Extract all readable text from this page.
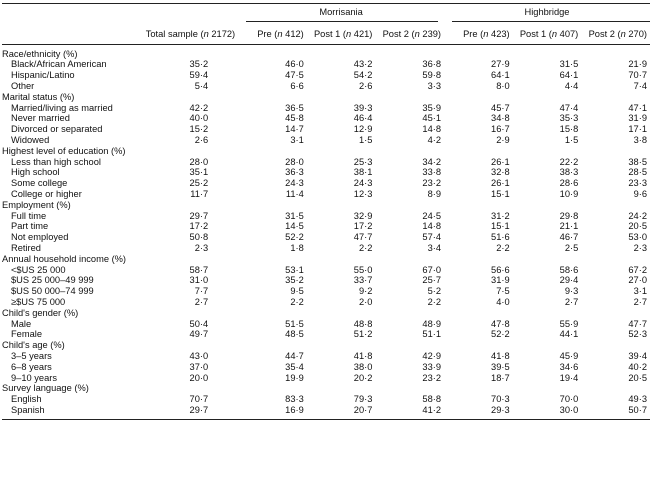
		Morrisania			Highbridge		

	Total sample (n 2172)	Pre (n 412)	Post 1 (n 421)	Post 2 (n 239)	Pre (n 423)	Post 1 (n 407)	Post 2 (n 270)
Race/ethnicity (%)							
Black/African American	35·2	46·0	43·2	36·8	27·9	31·5	21·9
Hispanic/Latino	59·4	47·5	54·2	59·8	64·1	64·1	70·7
Other	5·4	6·6	2·6	3·3	8·0	4·4	7·4
Marital status (%)							
Married/living as married	42·2	36·5	39·3	35·9	45·7	47·4	47·1
Never married	40·0	45·8	46·4	45·1	34·8	35·3	31·9
Divorced or separated	15·2	14·7	12·9	14·8	16·7	15·8	17·1
Widowed	2·6	3·1	1·5	4·2	2·9	1·5	3·8
Highest level of education (%)							
Less than high school	28·0	28·0	25·3	34·2	26·1	22·2	38·5
High school	35·1	36·3	38·1	33·8	32·8	38·3	28·5
Some college	25·2	24·3	24·3	23·2	26·1	28·6	23·3
College or higher	11·7	11·4	12·3	8·9	15·1	10·9	9·6
Employment (%)							
Full time	29·7	31·5	32·9	24·5	31·2	29·8	24·2
Part time	17·2	14·5	17·2	14·8	15·1	21·1	20·5
Not employed	50·8	52·2	47·7	57·4	51·6	46·7	53·0
Retired	2·3	1·8	2·2	3·4	2·2	2·5	2·3
Annual household income (%)							
<$US 25 000	58·7	53·1	55·0	67·0	56·6	58·6	67·2
$US 25 000–49 999	31·0	35·2	33·7	25·7	31·9	29·4	27·0
$US 50 000–74 999	7·7	9·5	9·2	5·2	7·5	9·3	3·1
≥$US 75 000	2·7	2·2	2·0	2·2	4·0	2·7	2·7
Child's gender (%)							
Male	50·4	51·5	48·8	48·9	47·8	55·9	47·7
Female	49·7	48·5	51·2	51·1	52·2	44·1	52·3
Child's age (%)							
3–5 years	43·0	44·7	41·8	42·9	41·8	45·9	39·4
6–8 years	37·0	35·4	38·0	33·9	39·5	34·6	40·2
9–10 years	20·0	19·9	20·2	23·2	18·7	19·4	20·5
Survey language (%)							
English	70·7	83·3	79·3	58·8	70·3	70·0	49·3
Spanish	29·7	16·9	20·7	41·2	29·3	30·0	50·7
